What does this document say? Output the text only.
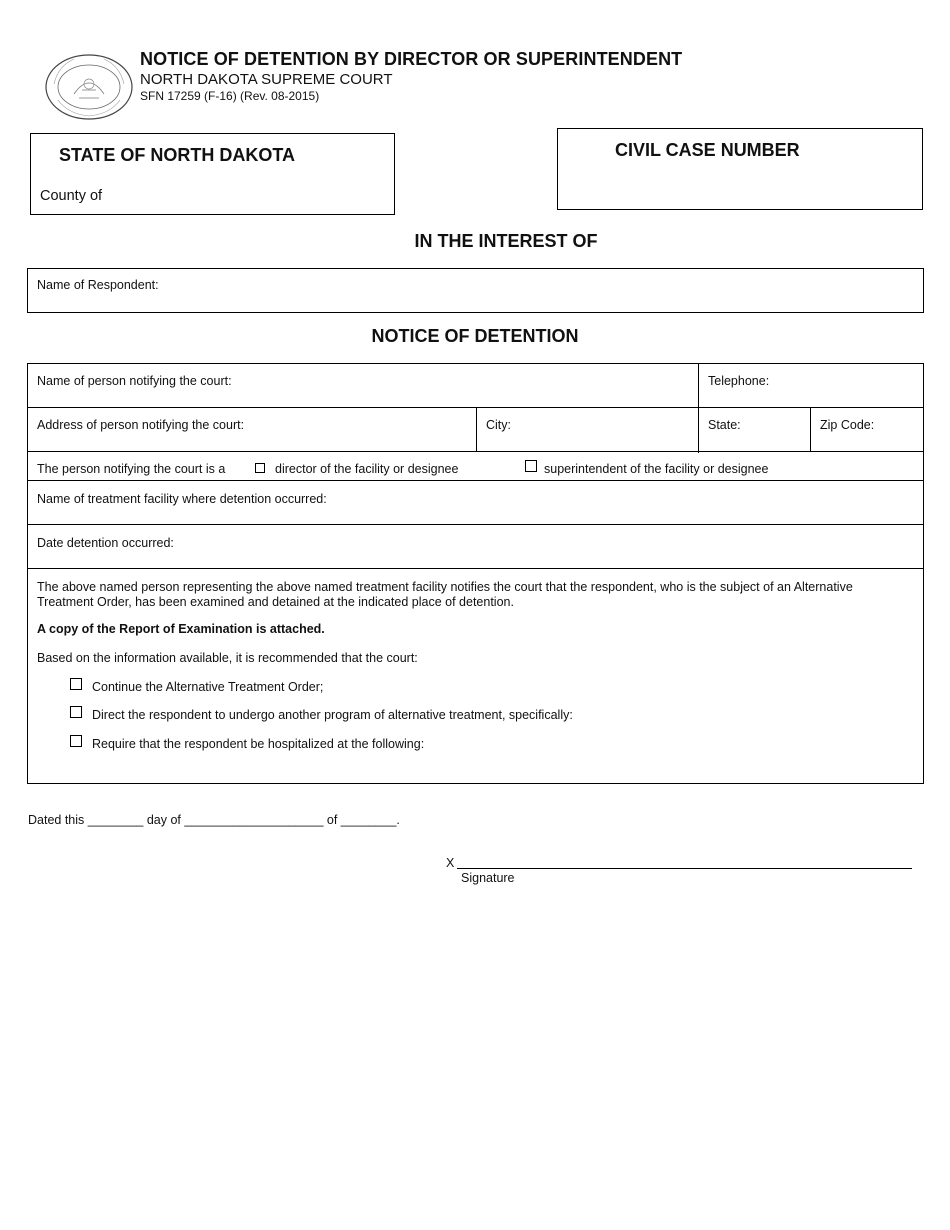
NOTICE OF DETENTION BY DIRECTOR OR SUPERINTENDENT
NORTH DAKOTA SUPREME COURT
SFN 17259 (F-16) (Rev. 08-2015)
STATE OF NORTH DAKOTA
County of
CIVIL CASE NUMBER
IN THE INTEREST OF
Name of Respondent:
NOTICE OF DETENTION
Name of person notifying the court:	Telephone:
Address of person notifying the court:	City:	State:	Zip Code:
The person notifying the court is a	director of the facility or designee	superintendent of the facility or designee
Name of treatment facility where detention occurred:
Date detention occurred:
The above named person representing the above named treatment facility notifies the court that the respondent, who is the subject of an Alternative Treatment Order, has been examined and detained at the indicated place of detention.
A copy of the Report of Examination is attached.
Based on the information available, it is recommended that the court:
Continue the Alternative Treatment Order;
Direct the respondent to undergo another program of alternative treatment, specifically:
Require that the respondent be hospitalized at the following:
Dated this ________ day of ____________________ of ________.
X
Signature
